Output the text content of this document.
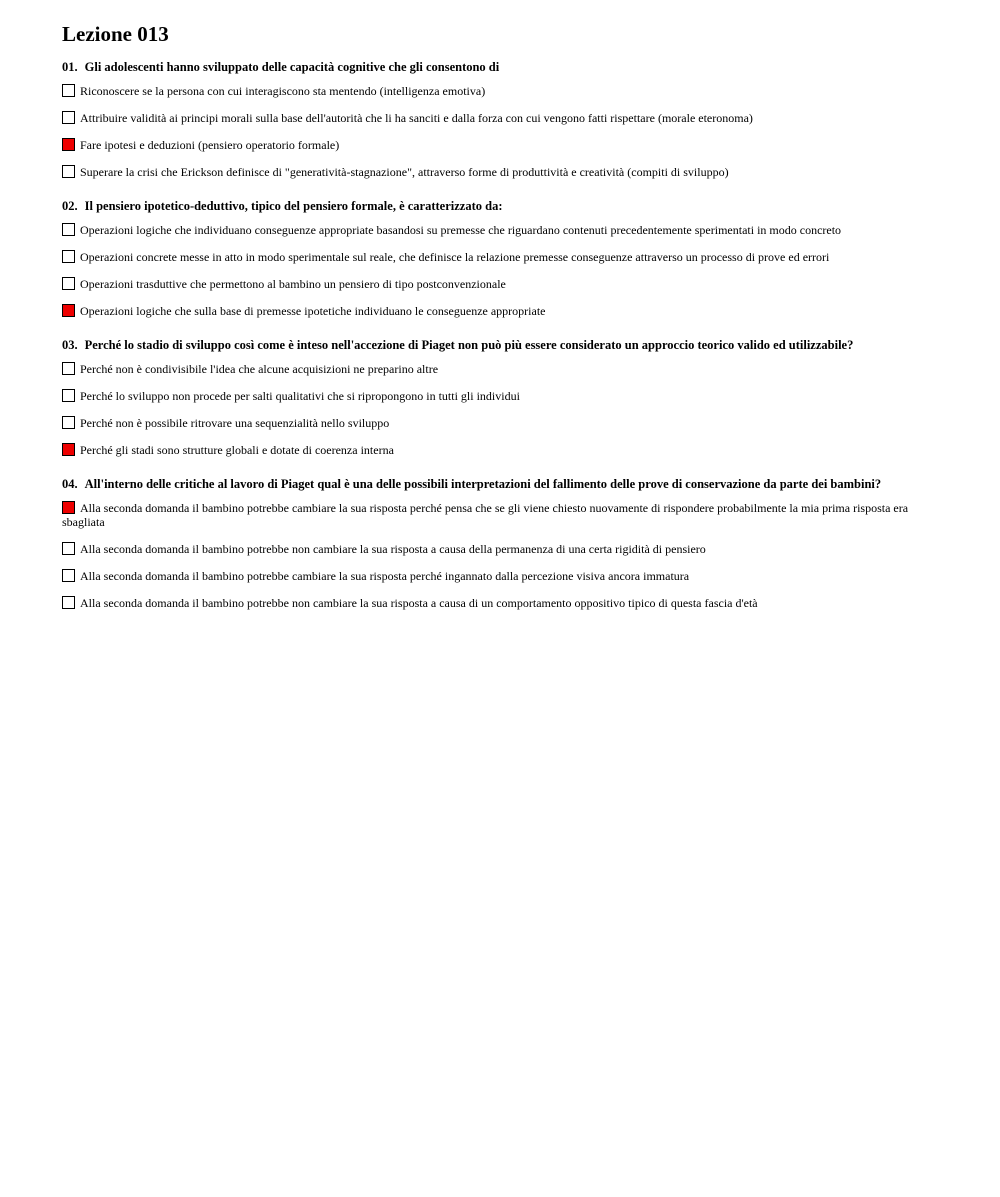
Lezione 013
01. Gli adolescenti hanno sviluppato delle capacità cognitive che gli consentono di
Riconoscere se la persona con cui interagiscono sta mentendo (intelligenza emotiva)
Attribuire validità ai principi morali sulla base dell'autorità che li ha sanciti e dalla forza con cui vengono fatti rispettare (morale eteronoma)
Fare ipotesi e deduzioni (pensiero operatorio formale)
Superare la crisi che Erickson definisce di "generatività-stagnazione", attraverso forme di produttività e creatività (compiti di sviluppo)
02. Il pensiero ipotetico-deduttivo, tipico del pensiero formale, è caratterizzato da:
Operazioni logiche che individuano conseguenze appropriate basandosi su premesse che riguardano contenuti precedentemente sperimentati in modo concreto
Operazioni concrete messe in atto in modo sperimentale sul reale, che definisce la relazione premesse conseguenze attraverso un processo di prove ed errori
Operazioni trasduttive che permettono al bambino un pensiero di tipo postconvenzionale
Operazioni logiche che sulla base di premesse ipotetiche individuano le conseguenze appropriate
03. Perché lo stadio di sviluppo così come è inteso nell'accezione di Piaget non può più essere considerato un approccio teorico valido ed utilizzabile?
Perché non è condivisibile l'idea che alcune acquisizioni ne preparino altre
Perché lo sviluppo non procede per salti qualitativi che si ripropongono in tutti gli individui
Perché non è possibile ritrovare una sequenzialità nello sviluppo
Perché gli stadi sono strutture globali e dotate di coerenza interna
04. All'interno delle critiche al lavoro di Piaget qual è una delle possibili interpretazioni del fallimento delle prove di conservazione da parte dei bambini?
Alla seconda domanda il bambino potrebbe cambiare la sua risposta perché pensa che se gli viene chiesto nuovamente di rispondere probabilmente la mia prima risposta era sbagliata
Alla seconda domanda il bambino potrebbe non cambiare la sua risposta a causa della permanenza di una certa rigidità di pensiero
Alla seconda domanda il bambino potrebbe cambiare la sua risposta perché ingannato dalla percezione visiva ancora immatura
Alla seconda domanda il bambino potrebbe non cambiare la sua risposta a causa di un comportamento oppositivo tipico di questa fascia d'età
